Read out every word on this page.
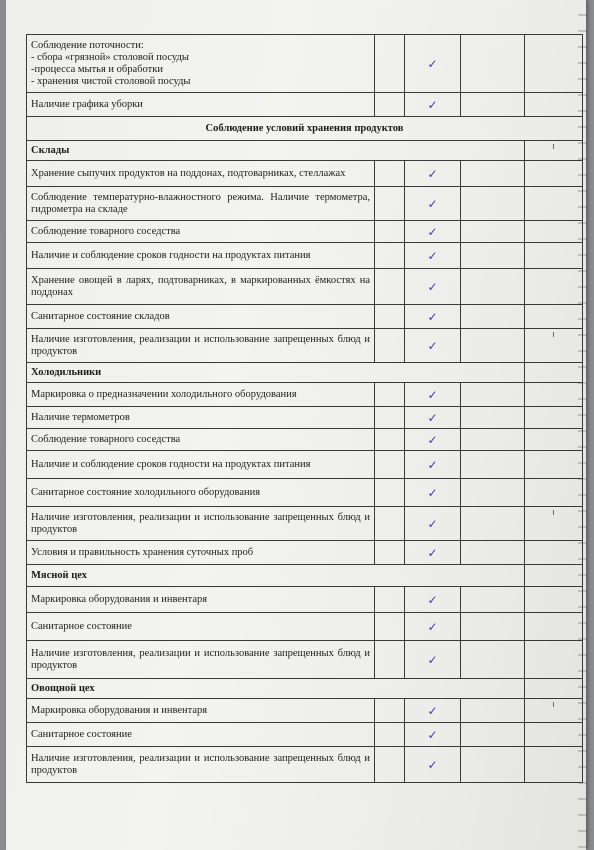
Соблюдение поточности:
- сбора «грязной» столовой посуды
-процесса мытья и обработки
- хранения чистой столовой посуды		✓		
Наличие графика уборки		✓		
Соблюдение условий хранения продуктов				
Склады				ı
Хранение сыпучих продуктов на поддонах, подтоварниках, стеллажах		✓		
Соблюдение температурно-влажностного режима. Наличие термометра, гидрометра на складе		✓		
Соблюдение товарного соседства		✓		
Наличие и соблюдение сроков годности на продуктах питания		✓		
Хранение овощей в ларях, подтоварниках, в маркированных ёмкостях на поддонах		✓		
Санитарное состояние складов		✓		
Наличие изготовления, реализации и использование запрещенных блюд и продуктов		✓		ı
Холодильники				
Маркировка о предназначении холодильного оборудования		✓		
Наличие термометров		✓		
Соблюдение товарного соседства		✓		
Наличие и соблюдение сроков годности на продуктах питания		✓		
Санитарное состояние холодильного оборудования		✓		
Наличие изготовления, реализации и использование запрещенных блюд и продуктов		✓		ı
Условия и правильность хранения суточных проб		✓		
Мясной цех				
Маркировка оборудования и инвентаря		✓		
Санитарное состояние		✓		
Наличие изготовления, реализации и использование запрещенных блюд и продуктов		✓		
Овощной цех				
Маркировка оборудования и инвентаря		✓		ı
Санитарное состояние		✓		
Наличие изготовления, реализации и использование запрещенных блюд и продуктов		✓		
